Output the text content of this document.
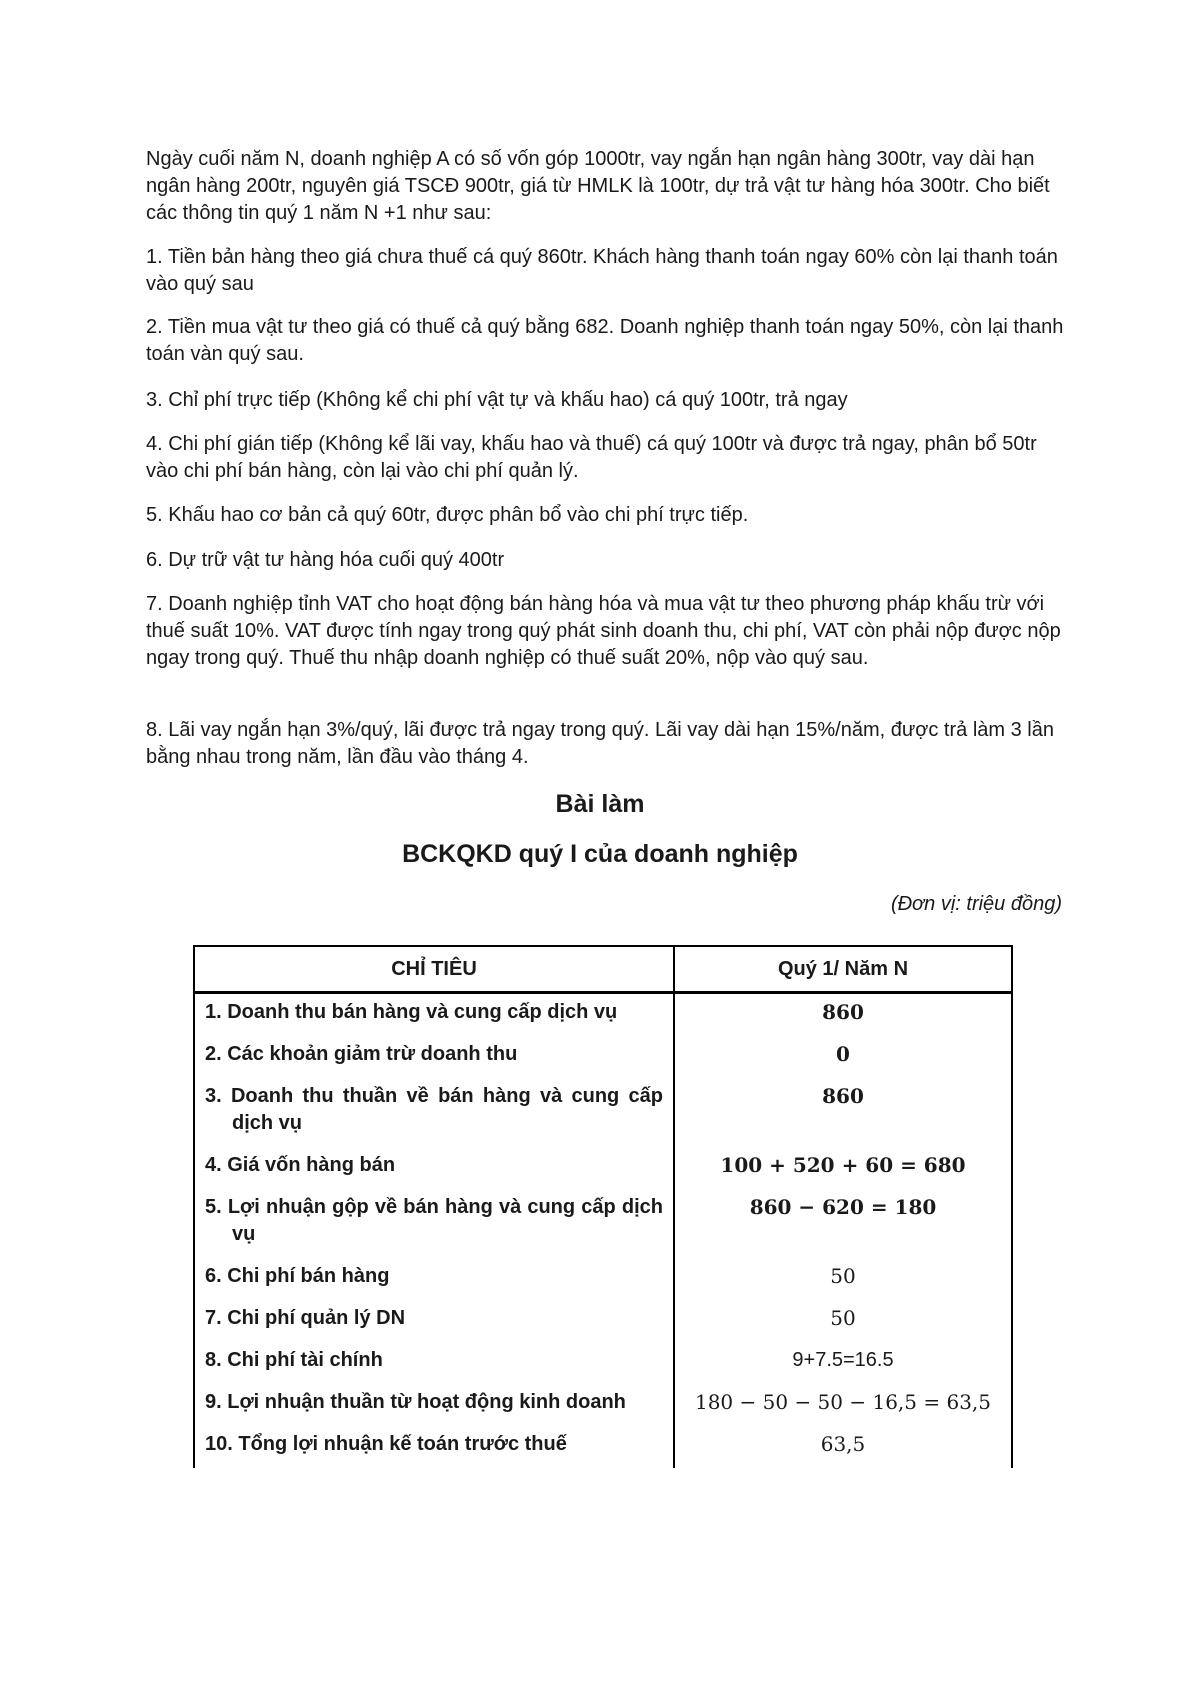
Ngày cuối năm N, doanh nghiệp A có số vốn góp 1000tr, vay ngắn hạn ngân hàng 300tr, vay dài hạn ngân hàng 200tr, nguyên giá TSCĐ 900tr, giá từ HMLK là 100tr, dự trả vật tư hàng hóa 300tr. Cho biết các thông tin quý 1 năm N +1 như sau:

1. Tiền bản hàng theo giá chưa thuế cá quý 860tr. Khách hàng thanh toán ngay 60% còn lại thanh toán vào quý sau

2. Tiền mua vật tư theo giá có thuế cả quý bằng 682. Doanh nghiệp thanh toán ngay 50%, còn lại thanh toán vàn quý sau.

3. Chỉ phí trực tiếp (Không kể chi phí vật tự và khấu hao) cá quý 100tr, trả ngay

4. Chi phí gián tiếp (Không kể lãi vay, khấu hao và thuế) cá quý 100tr và được trả ngay, phân bổ 50tr vào chi phí bán hàng, còn lại vào chi phí quản lý.

5. Khấu hao cơ bản cả quý 60tr, được phân bổ vào chi phí trực tiếp.

6. Dự trữ vật tư hàng hóa cuối quý 400tr

7. Doanh nghiệp tỉnh VAT cho hoạt động bán hàng hóa và mua vật tư theo phương pháp khấu trừ với thuế suất 10%. VAT được tính ngay trong quý phát sinh doanh thu, chi phí, VAT còn phải nộp được nộp ngay trong quý. Thuế thu nhập doanh nghiệp có thuế suất 20%, nộp vào quý sau.

8. Lãi vay ngắn hạn 3%/quý, lãi được trả ngay trong quý. Lãi vay dài hạn 15%/năm, được trả làm 3 lần bằng nhau trong năm, lần đầu vào tháng 4.

Bài làm
BCKQKD quý I của doanh nghiệp
(Đơn vị: triệu đồng)
CHỈ TIÊU	Quý 1/ Năm N
1. Doanh thu bán hàng và cung cấp dịch vụ	860
2. Các khoản giảm trừ doanh thu	0

3. Doanh thu thuần về bán hàng và cung cấp dịch vụ	860
4. Giá vốn hàng bán	100 + 520 + 60 = 680

5. Lợi nhuận gộp về bán hàng và cung cấp dịch vụ	860 − 620 = 180
6. Chi phí bán hàng	50
7. Chi phí quản lý DN	50
8. Chi phí tài chính	9+7.5=16.5
9. Lợi nhuận thuần từ hoạt động kinh doanh	180 − 50 − 50 − 16,5 = 63,5
10. Tổng lợi nhuận kế toán trước thuế	63,5
